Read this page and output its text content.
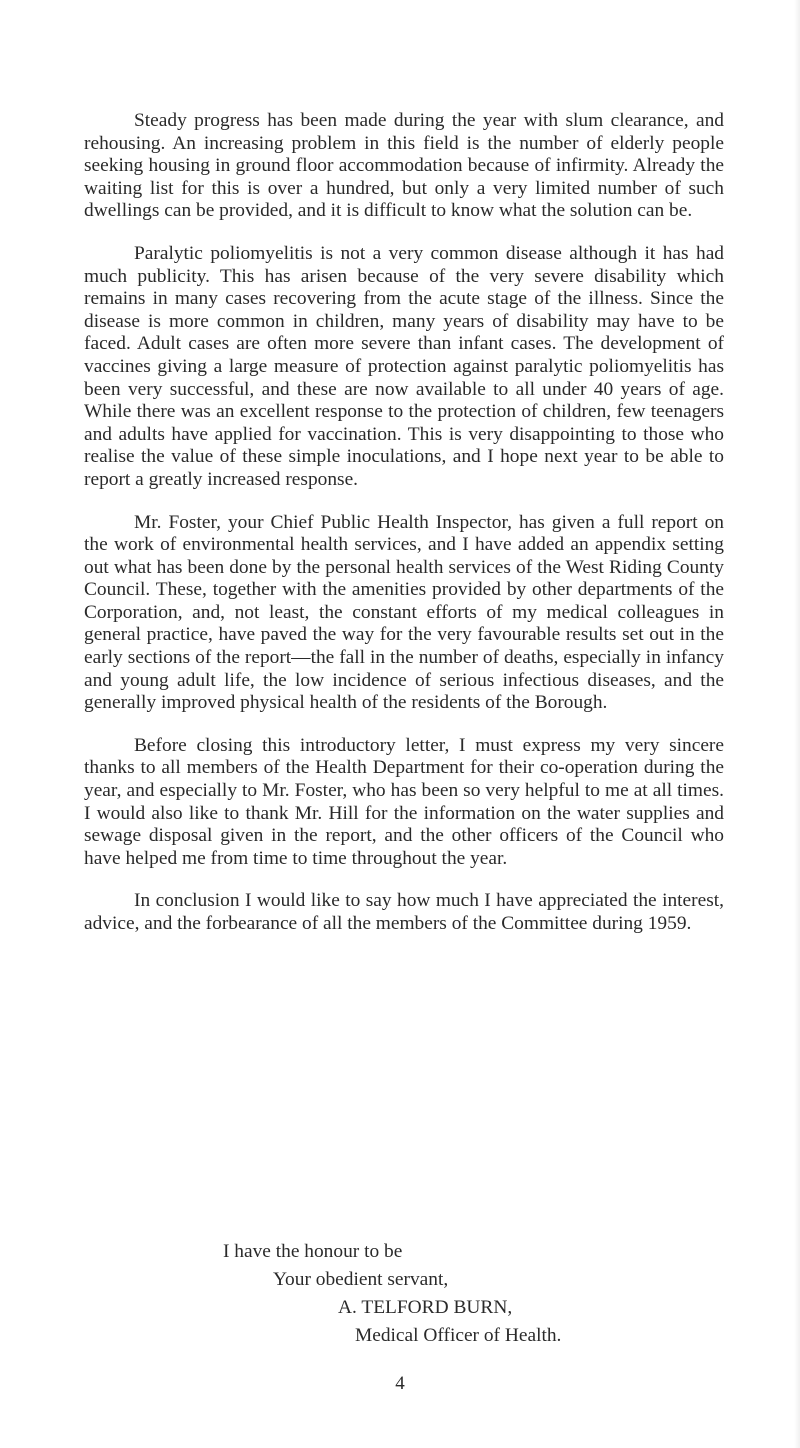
Steady progress has been made during the year with slum clearance, and rehousing. An increasing problem in this field is the number of elderly people seeking housing in ground floor accommodation because of infirmity. Already the waiting list for this is over a hundred, but only a very limited number of such dwellings can be provided, and it is difficult to know what the solution can be.

Paralytic poliomyelitis is not a very common disease although it has had much publicity. This has arisen because of the very severe disability which remains in many cases recovering from the acute stage of the illness. Since the disease is more common in children, many years of disability may have to be faced. Adult cases are often more severe than infant cases. The development of vaccines giving a large measure of protection against paralytic poliomyelitis has been very successful, and these are now available to all under 40 years of age. While there was an excellent response to the protection of children, few teenagers and adults have applied for vaccination. This is very disappointing to those who realise the value of these simple inoculations, and I hope next year to be able to report a greatly increased response.

Mr. Foster, your Chief Public Health Inspector, has given a full report on the work of environmental health services, and I have added an appendix setting out what has been done by the personal health services of the West Riding County Council. These, together with the amenities provided by other departments of the Corporation, and, not least, the constant efforts of my medical colleagues in general practice, have paved the way for the very favourable results set out in the early sections of the report—the fall in the number of deaths, especially in infancy and young adult life, the low incidence of serious infectious diseases, and the generally improved physical health of the residents of the Borough.

Before closing this introductory letter, I must express my very sincere thanks to all members of the Health Department for their co-operation during the year, and especially to Mr. Foster, who has been so very helpful to me at all times. I would also like to thank Mr. Hill for the information on the water supplies and sewage disposal given in the report, and the other officers of the Council who have helped me from time to time throughout the year.

In conclusion I would like to say how much I have appreciated the interest, advice, and the forbearance of all the members of the Committee during 1959.

I have the honour to be
Your obedient servant,
A. TELFORD BURN,
Medical Officer of Health.
4
